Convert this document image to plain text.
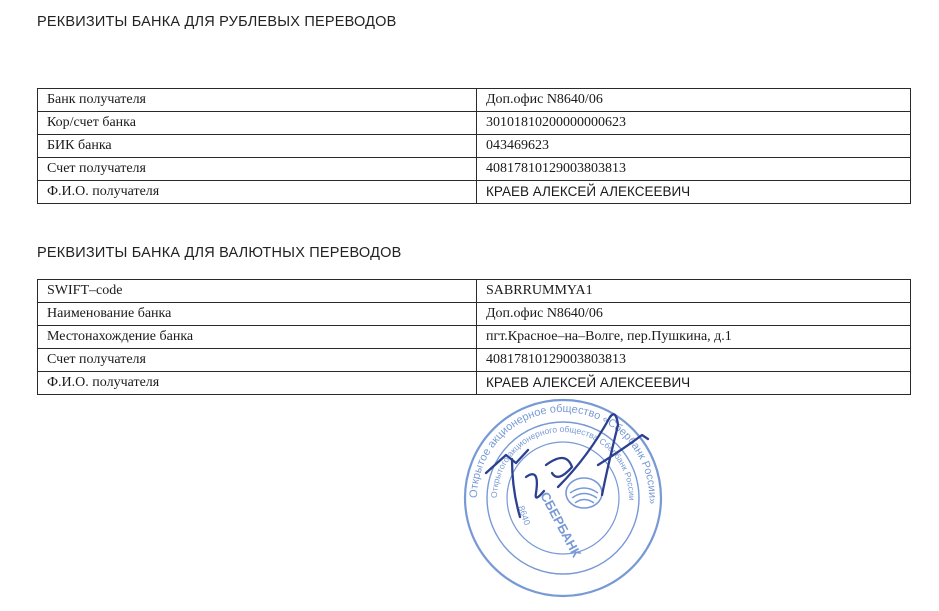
РЕКВИЗИТЫ БАНКА ДЛЯ РУБЛЕВЫХ ПЕРЕВОДОВ
Банк получателя	Доп.офис N8640/06
Кор/счет банка	30101810200000000623
БИК банка	043469623
Счет получателя	40817810129003803813
Ф.И.О. получателя	КРАЕВ АЛЕКСЕЙ АЛЕКСЕЕВИЧ
РЕКВИЗИТЫ БАНКА ДЛЯ ВАЛЮТНЫХ ПЕРЕВОДОВ
SWIFT–code	SABRRUMMYA1
Наименование банка	Доп.офис N8640/06
Местонахождение банка	пгт.Красное–на–Волге, пер.Пушкина, д.1
Счет получателя	40817810129003803813
Ф.И.О. получателя	КРАЕВ АЛЕКСЕЙ АЛЕКСЕЕВИЧ
Открытое акционерное общество «Сбербанк России»
Открытого акционерного общества Сбербанк России
СБЕРБАНК
8640
